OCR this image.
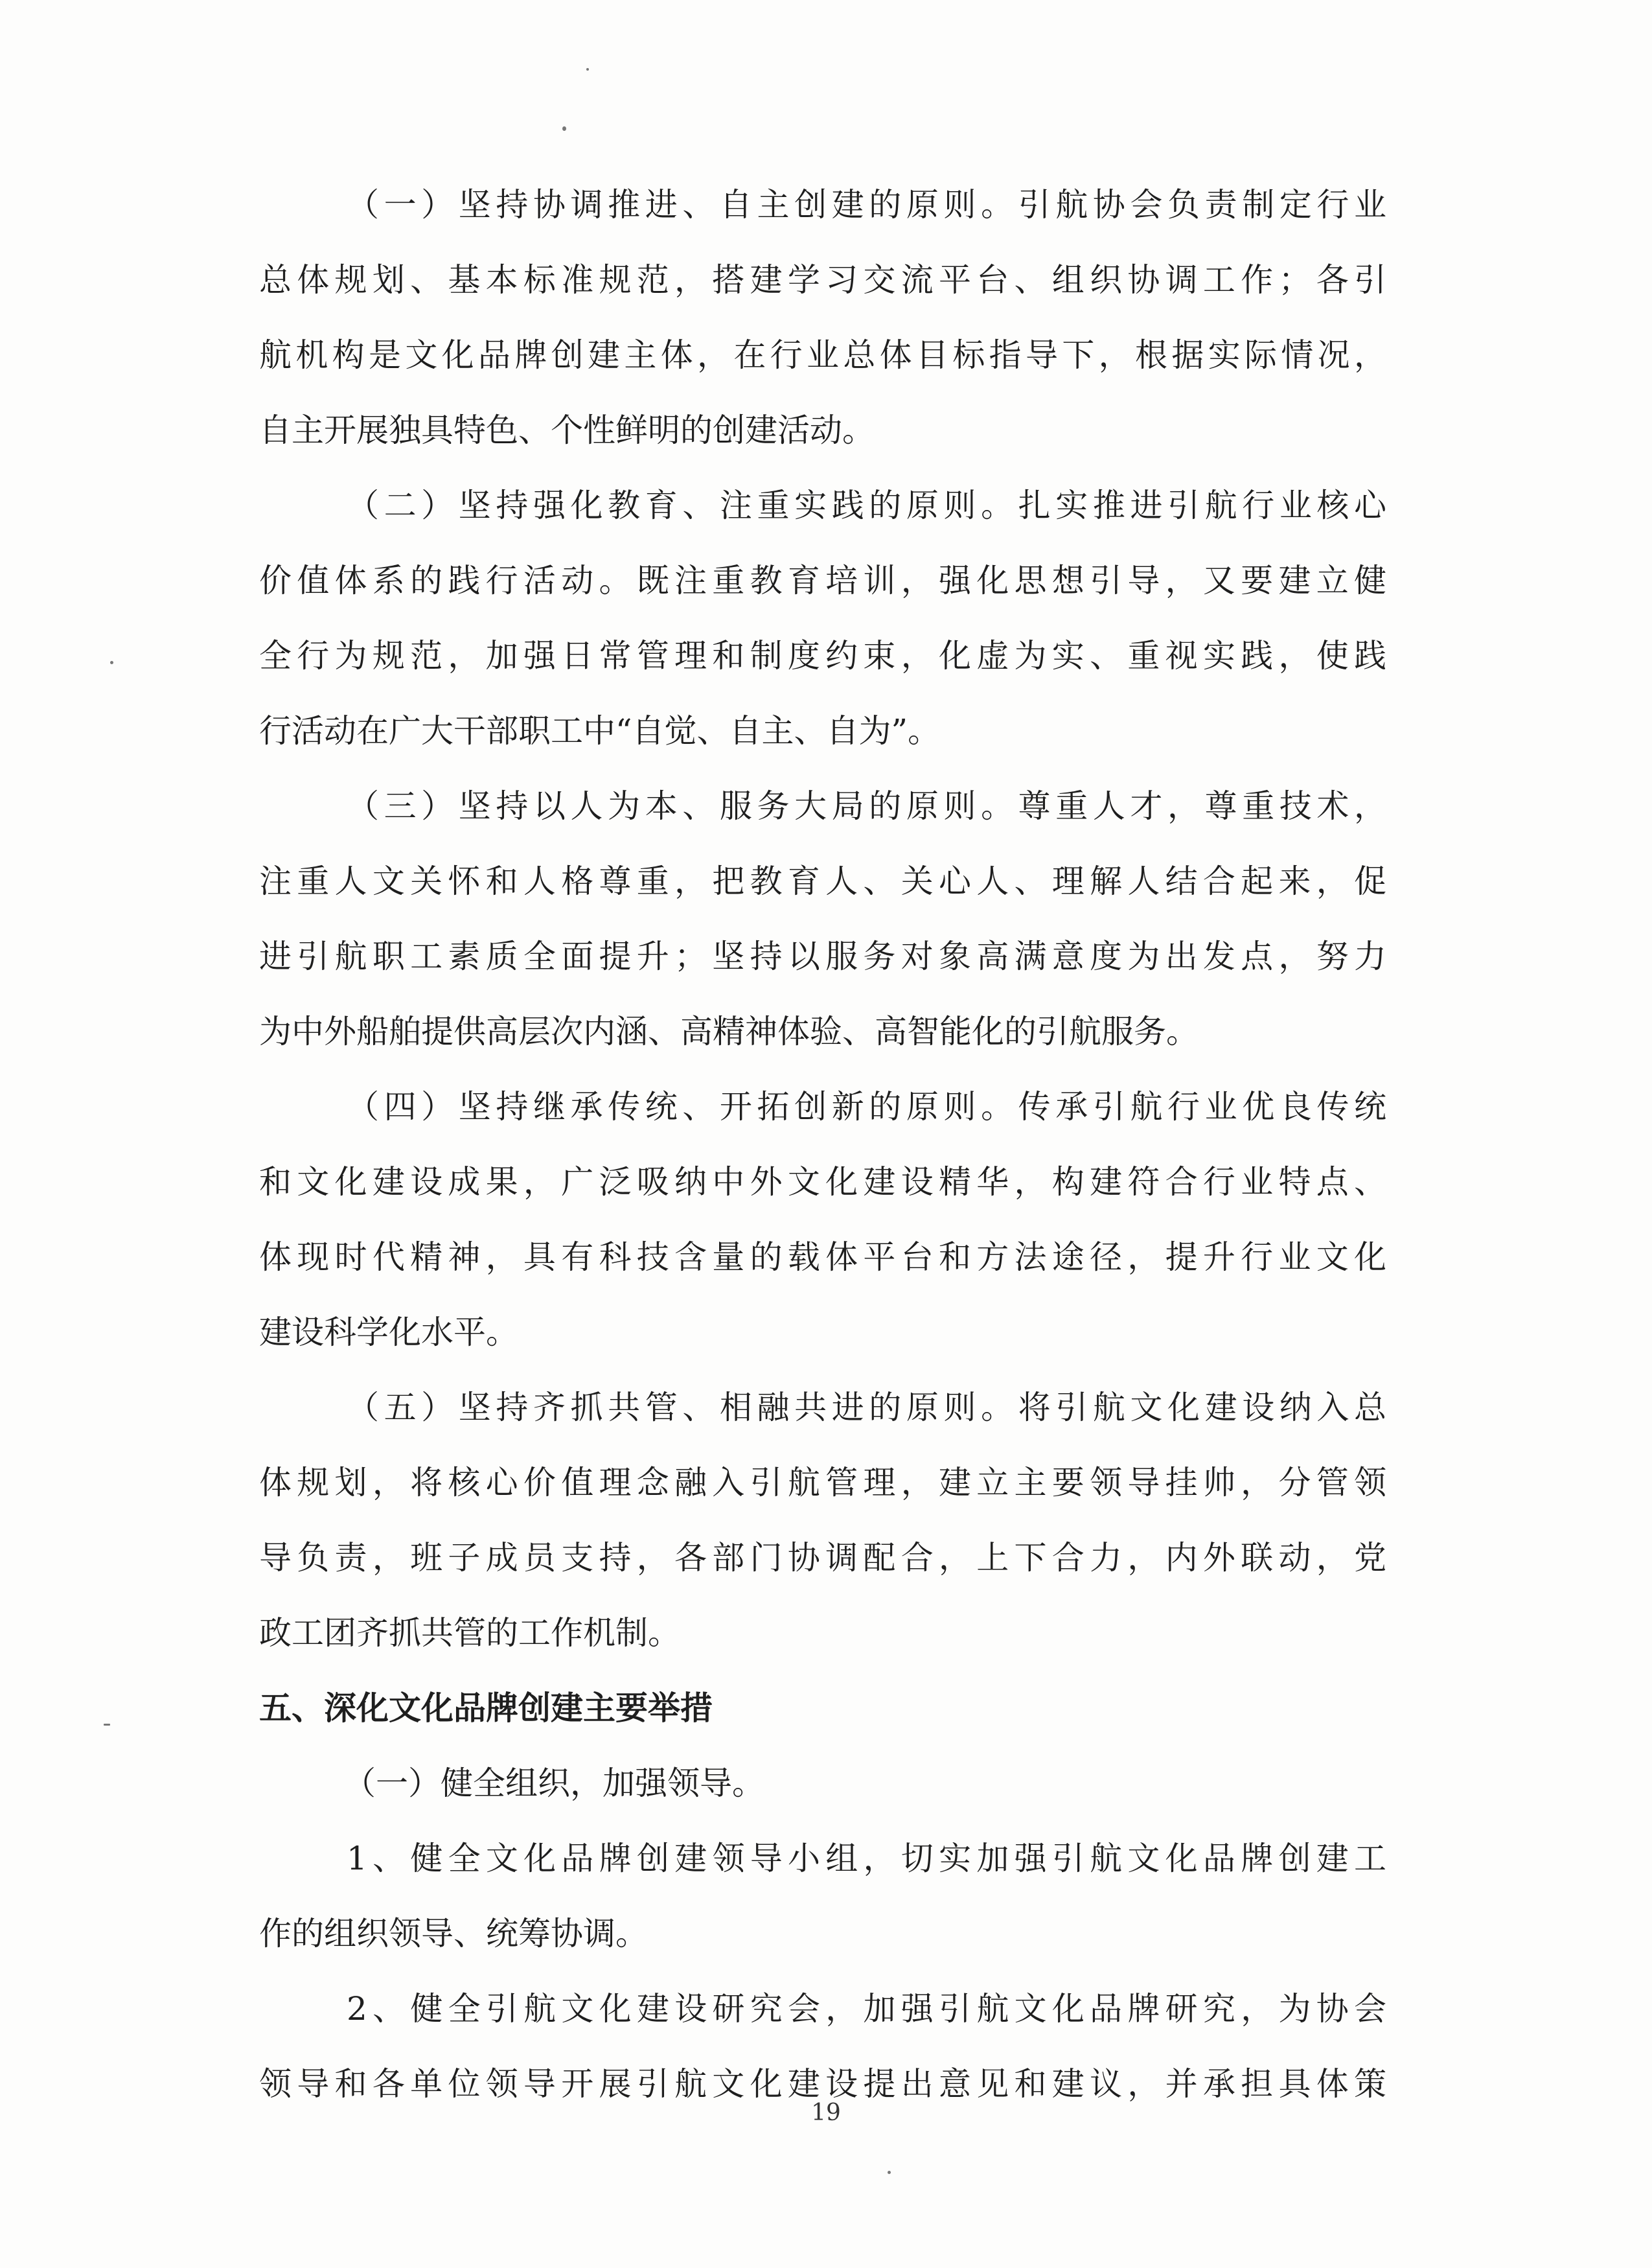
（一）坚持协调推进、自主创建的原则。引航协会负责制定行业
总体规划、基本标准规范，搭建学习交流平台、组织协调工作；各引
航机构是文化品牌创建主体，在行业总体目标指导下，根据实际情况，
自主开展独具特色、个性鲜明的创建活动。
（二）坚持强化教育、注重实践的原则。扎实推进引航行业核心
价值体系的践行活动。既注重教育培训，强化思想引导，又要建立健
全行为规范，加强日常管理和制度约束，化虚为实、重视实践，使践
行活动在广大干部职工中“自觉、自主、自为”。
（三）坚持以人为本、服务大局的原则。尊重人才，尊重技术，
注重人文关怀和人格尊重，把教育人、关心人、理解人结合起来，促
进引航职工素质全面提升；坚持以服务对象高满意度为出发点，努力
为中外船舶提供高层次内涵、高精神体验、高智能化的引航服务。
（四）坚持继承传统、开拓创新的原则。传承引航行业优良传统
和文化建设成果，广泛吸纳中外文化建设精华，构建符合行业特点、
体现时代精神，具有科技含量的载体平台和方法途径，提升行业文化
建设科学化水平。
（五）坚持齐抓共管、相融共进的原则。将引航文化建设纳入总
体规划，将核心价值理念融入引航管理，建立主要领导挂帅，分管领
导负责，班子成员支持，各部门协调配合，上下合力，内外联动，党
政工团齐抓共管的工作机制。
五、深化文化品牌创建主要举措
（一）健全组织，加强领导。
1、健全文化品牌创建领导小组，切实加强引航文化品牌创建工
作的组织领导、统筹协调。
2、健全引航文化建设研究会，加强引航文化品牌研究，为协会
领导和各单位领导开展引航文化建设提出意见和建议，并承担具体策
19
